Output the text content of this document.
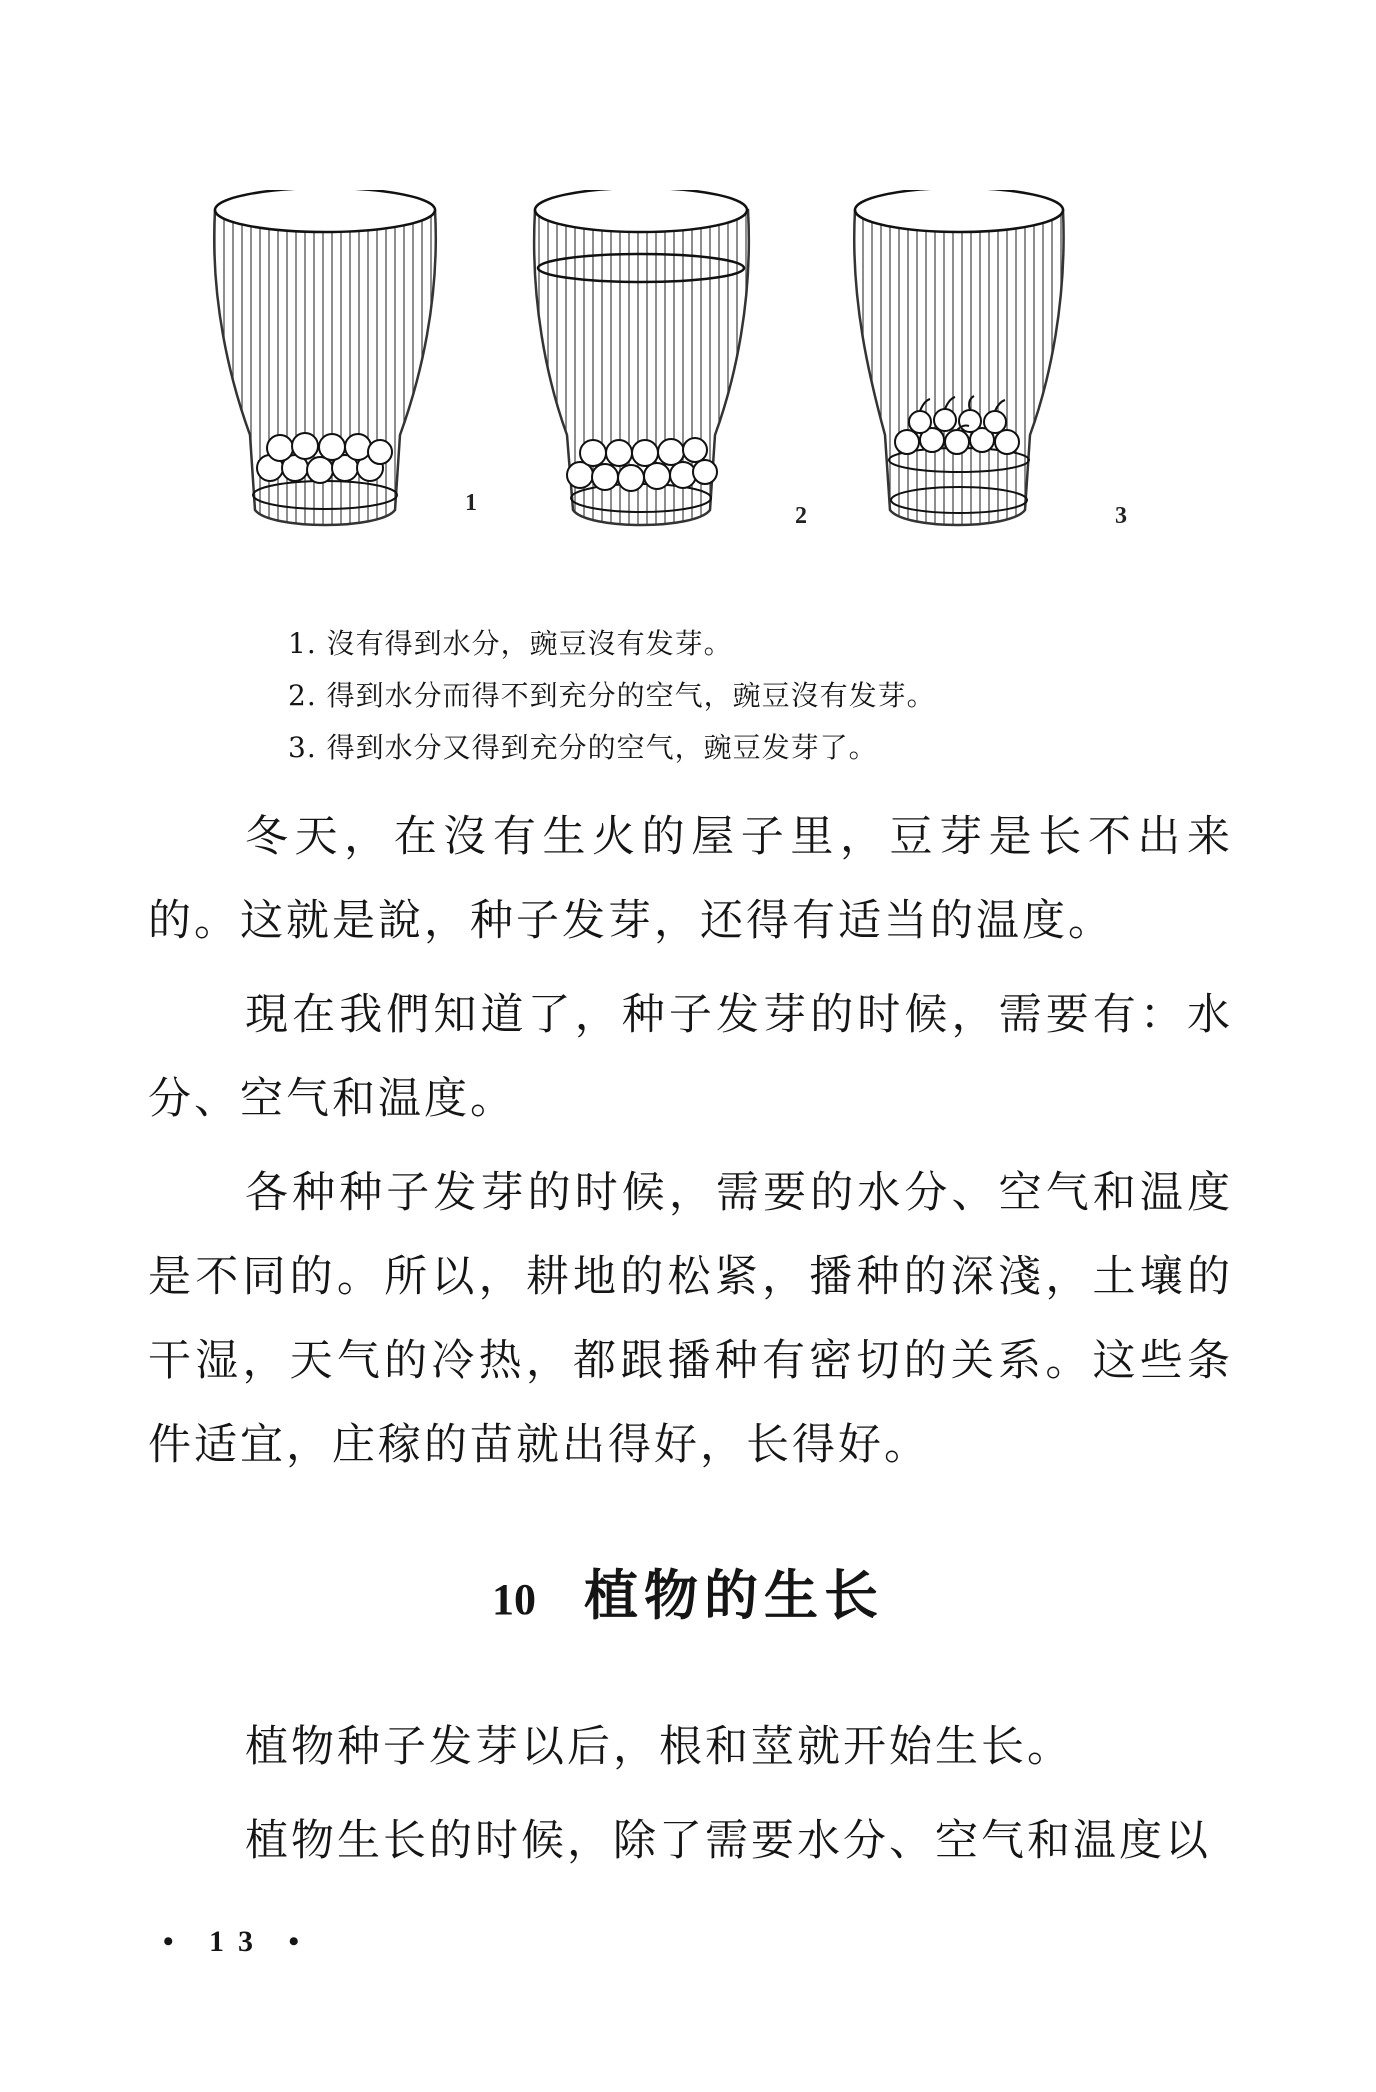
1	2	3

1. 沒有得到水分，豌豆沒有发芽。

2. 得到水分而得不到充分的空气，豌豆沒有发芽。

3. 得到水分又得到充分的空气，豌豆发芽了。

冬天，在沒有生火的屋子里，豆芽是长不出来的。这就是說，种子发芽，还得有适当的温度。

現在我們知道了，种子发芽的时候，需要有：水分、空气和温度。

各种种子发芽的时候，需要的水分、空气和温度是不同的。所以，耕地的松紧，播种的深淺，土壤的干湿，天气的冷热，都跟播种有密切的关系。这些条件适宜，庄稼的苗就出得好，长得好。

10 植物的生长

植物种子发芽以后，根和莖就开始生长。

植物生长的时候，除了需要水分、空气和温度以

• 13 •
